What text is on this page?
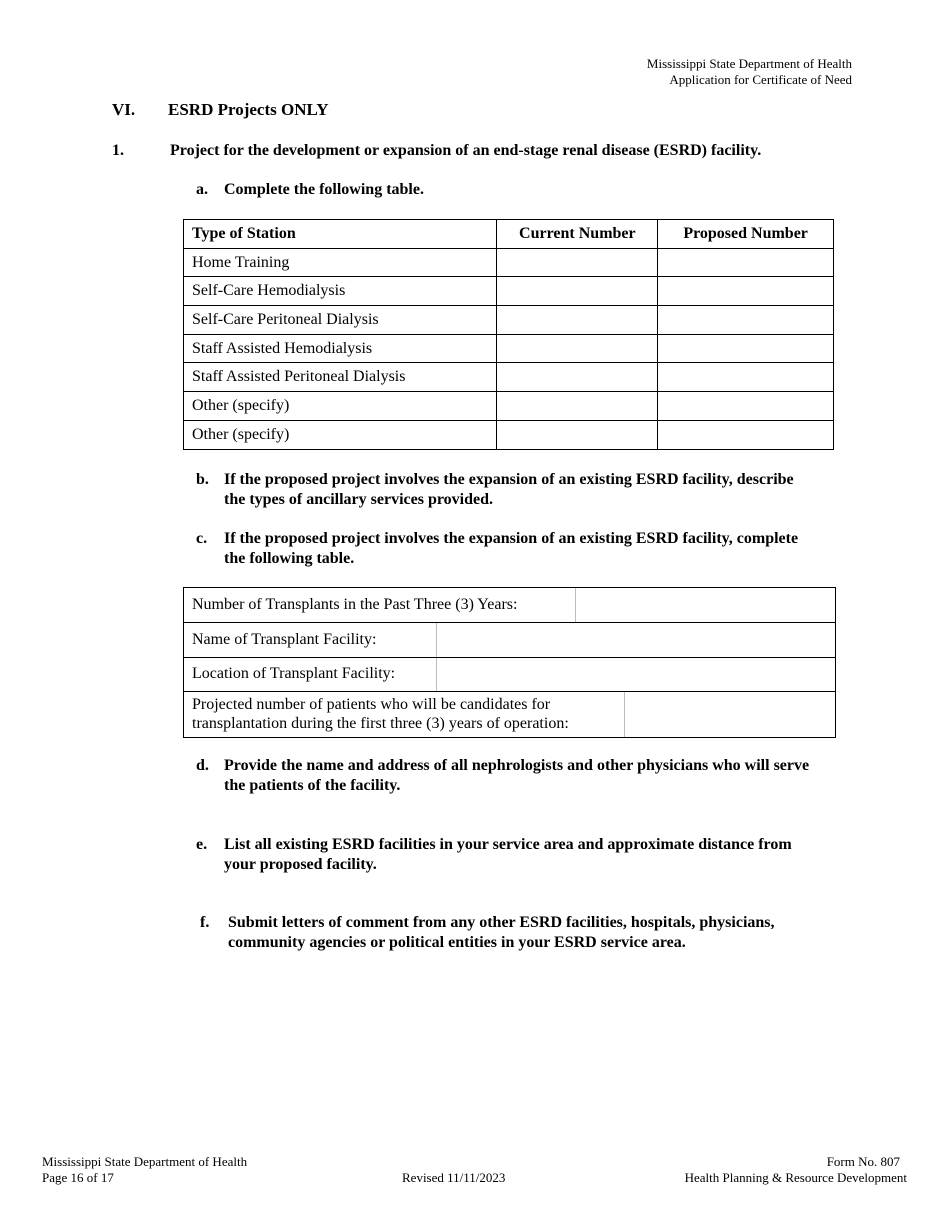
Mississippi State Department of Health
Application for Certificate of Need
VI. ESRD Projects ONLY
1.	Project for the development or expansion of an end-stage renal disease (ESRD) facility.
a. Complete the following table.
Type of Station	Current Number	Proposed Number
Home Training		
Self-Care Hemodialysis		
Self-Care Peritoneal Dialysis		
Staff Assisted Hemodialysis		
Staff Assisted Peritoneal Dialysis		
Other (specify)		
Other (specify)		
b. If the proposed project involves the expansion of an existing ESRD facility, describe
the types of ancillary services provided.
c. If the proposed project involves the expansion of an existing ESRD facility, complete
the following table.
Number of Transplants in the Past Three (3) Years:
Name of Transplant Facility:
Location of Transplant Facility:
Projected number of patients who will be candidates for
transplantation during the first three (3) years of operation:
d. Provide the name and address of all nephrologists and other physicians who will serve
the patients of the facility.
e. List all existing ESRD facilities in your service area and approximate distance from
your proposed facility.
f. Submit letters of comment from any other ESRD facilities, hospitals, physicians,
community agencies or political entities in your ESRD service area.
Mississippi State Department of Health
Page 16 of 17	Revised 11/11/2023
Form No. 807
Health Planning & Resource Development
